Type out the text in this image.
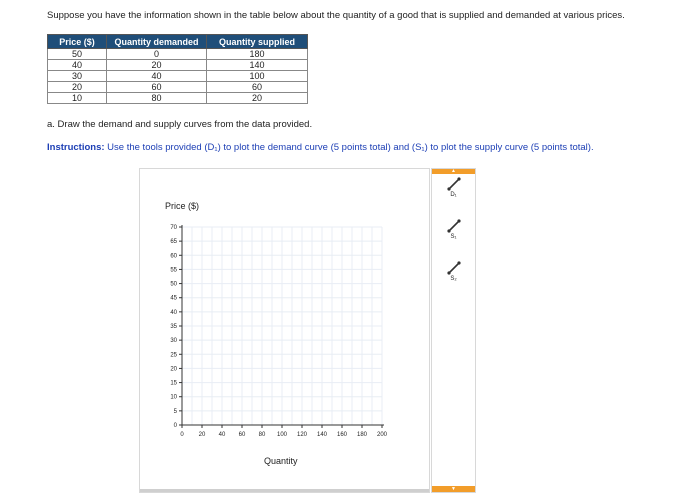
Suppose you have the information shown in the table below about the quantity of a good that is supplied and demanded at various prices.
Price ($)	Quantity demanded	Quantity supplied
50	0	180
40	20	140
30	40	100
20	60	60
10	80	20
a. Draw the demand and supply curves from the data provided.
Instructions: Use the tools provided (D₁) to plot the demand curve (5 points total) and (S₁) to plot the supply curve (5 points total).
Price ($)
0
5
10
15
20
25
30
35
40
45
50
55
60
65
70
0 20 40 60 80 100 120 140 160 180 200
Quantity
▲
D₁
S₁
S₂
▼
